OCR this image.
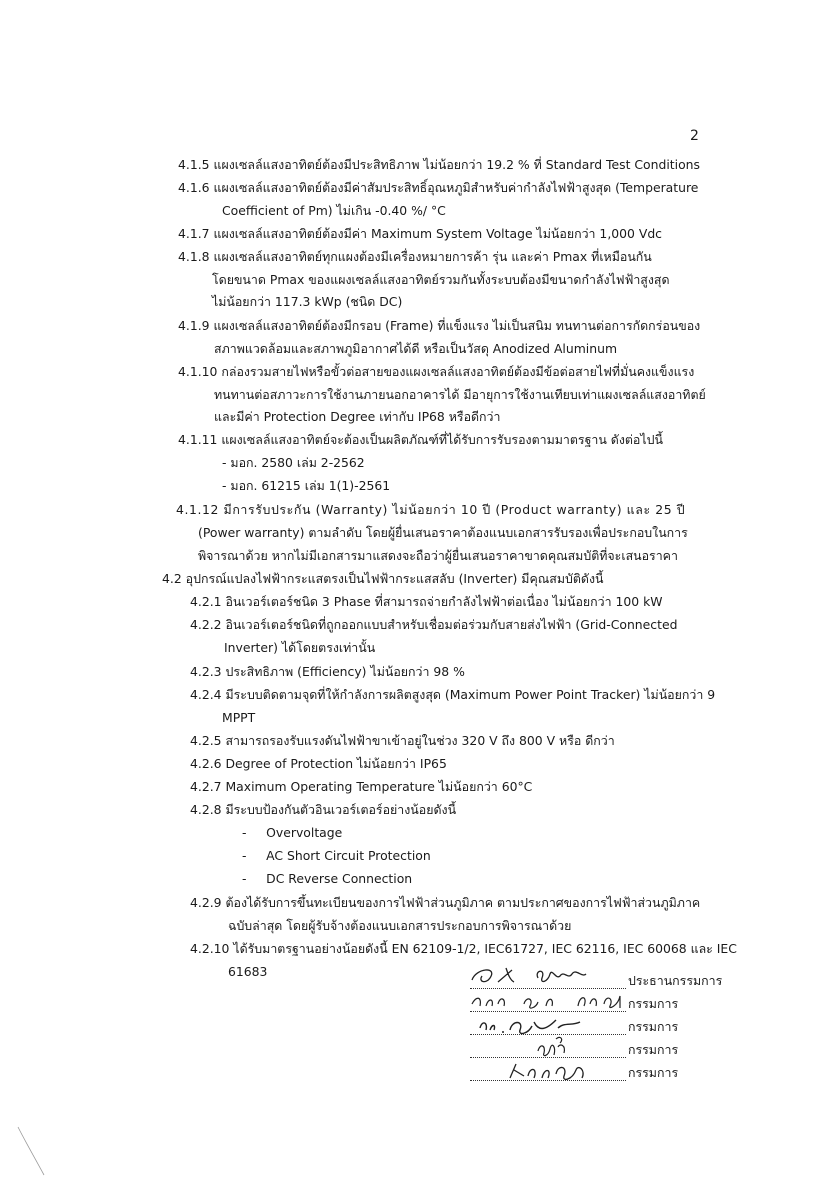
2
4.1.5 แผงเซลล์แสงอาทิตย์ต้องมีประสิทธิภาพ ไม่น้อยกว่า 19.2 % ที่ Standard Test Conditions
4.1.6 แผงเซลล์แสงอาทิตย์ต้องมีค่าสัมประสิทธิ์อุณหภูมิสำหรับค่ากำลังไฟฟ้าสูงสุด (Temperature
Coefficient of Pm) ไม่เกิน -0.40 %/ °C
4.1.7 แผงเซลล์แสงอาทิตย์ต้องมีค่า Maximum System Voltage ไม่น้อยกว่า 1,000 Vdc
4.1.8 แผงเซลล์แสงอาทิตย์ทุกแผงต้องมีเครื่องหมายการค้า รุ่น และค่า Pmax ที่เหมือนกัน
โดยขนาด Pmax ของแผงเซลล์แสงอาทิตย์รวมกันทั้งระบบต้องมีขนาดกำลังไฟฟ้าสูงสุด
ไม่น้อยกว่า 117.3 kWp (ชนิด DC)
4.1.9 แผงเซลล์แสงอาทิตย์ต้องมีกรอบ (Frame) ที่แข็งแรง ไม่เป็นสนิม ทนทานต่อการกัดกร่อนของ
สภาพแวดล้อมและสภาพภูมิอากาศได้ดี หรือเป็นวัสดุ Anodized Aluminum
4.1.10 กล่องรวมสายไฟหรือขั้วต่อสายของแผงเซลล์แสงอาทิตย์ต้องมีข้อต่อสายไฟที่มั่นคงแข็งแรง
ทนทานต่อสภาวะการใช้งานภายนอกอาคารได้ มีอายุการใช้งานเทียบเท่าแผงเซลล์แสงอาทิตย์
และมีค่า Protection Degree เท่ากับ IP68 หรือดีกว่า
4.1.11 แผงเซลล์แสงอาทิตย์จะต้องเป็นผลิตภัณฑ์ที่ได้รับการรับรองตามมาตรฐาน ดังต่อไปนี้
- มอก. 2580 เล่ม 2-2562
- มอก. 61215 เล่ม 1(1)-2561
4.1.12 มีการรับประกัน (Warranty) ไม่น้อยกว่า 10 ปี (Product warranty) และ 25 ปี
(Power warranty) ตามลำดับ โดยผู้ยื่นเสนอราคาต้องแนบเอกสารรับรองเพื่อประกอบในการ
พิจารณาด้วย หากไม่มีเอกสารมาแสดงจะถือว่าผู้ยื่นเสนอราคาขาดคุณสมบัติที่จะเสนอราคา
4.2 อุปกรณ์แปลงไฟฟ้ากระแสตรงเป็นไฟฟ้ากระแสสลับ (Inverter) มีคุณสมบัติดังนี้
4.2.1 อินเวอร์เตอร์ชนิด 3 Phase ที่สามารถจ่ายกำลังไฟฟ้าต่อเนื่อง ไม่น้อยกว่า 100 kW
4.2.2 อินเวอร์เตอร์ชนิดที่ถูกออกแบบสำหรับเชื่อมต่อร่วมกับสายส่งไฟฟ้า (Grid-Connected
Inverter) ได้โดยตรงเท่านั้น
4.2.3 ประสิทธิภาพ (Efficiency) ไม่น้อยกว่า 98 %
4.2.4 มีระบบติดตามจุดที่ให้กำลังการผลิตสูงสุด (Maximum Power Point Tracker) ไม่น้อยกว่า 9
MPPT
4.2.5 สามารถรองรับแรงดันไฟฟ้าขาเข้าอยู่ในช่วง 320 V ถึง 800 V หรือ ดีกว่า
4.2.6 Degree of Protection ไม่น้อยกว่า IP65
4.2.7 Maximum Operating Temperature ไม่น้อยกว่า 60°C
4.2.8 มีระบบป้องกันตัวอินเวอร์เตอร์อย่างน้อยดังนี้
-     Overvoltage
-     AC Short Circuit Protection
-     DC Reverse Connection
4.2.9 ต้องได้รับการขึ้นทะเบียนของการไฟฟ้าส่วนภูมิภาค ตามประกาศของการไฟฟ้าส่วนภูมิภาค
ฉบับล่าสุด โดยผู้รับจ้างต้องแนบเอกสารประกอบการพิจารณาด้วย
4.2.10 ได้รับมาตรฐานอย่างน้อยดังนี้ EN 62109-1/2, IEC61727, IEC 62116, IEC 60068 และ IEC
61683
ประธานกรรมการ
กรรมการ
กรรมการ
กรรมการ
กรรมการ
